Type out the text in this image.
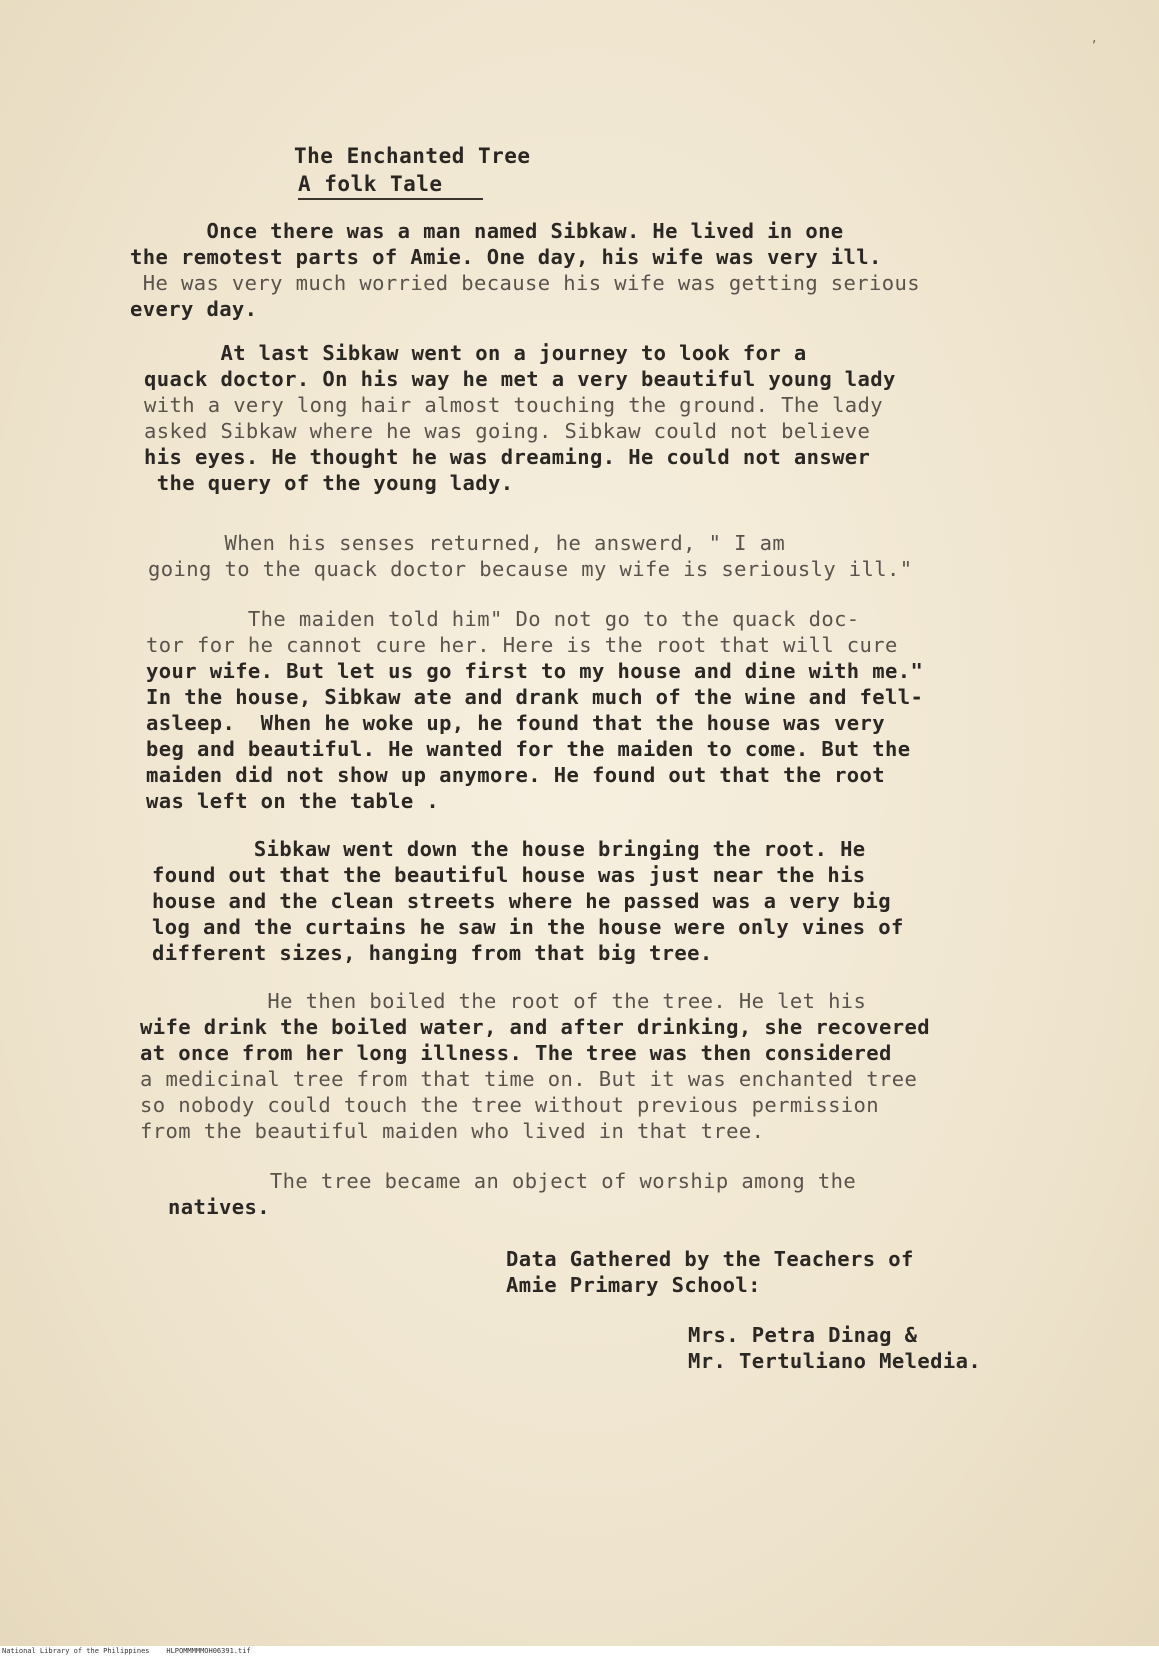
,
The Enchanted Tree
A folk Tale
Once there was a man named Sibkaw. He lived in one
the remotest parts of Amie. One day, his wife was very ill.
He was very much worried because his wife was getting serious
every day.
At last Sibkaw went on a journey to look for a
quack doctor. On his way he met a very beautiful young lady
with a very long hair almost touching the ground. The lady
asked Sibkaw where he was going. Sibkaw could not believe
his eyes. He thought he was dreaming. He could not answer
the query of the young lady.
When his senses returned, he answerd, " I am
going to the quack doctor because my wife is seriously ill."
The maiden told him" Do not go to the quack doc-
tor for he cannot cure her. Here is the root that will cure
your wife. But let us go first to my house and dine with me."
In the house, Sibkaw ate and drank much of the wine and fell-
asleep.  When he woke up, he found that the house was very
beg and beautiful. He wanted for the maiden to come. But the
maiden did not show up anymore. He found out that the root
was left on the table .
Sibkaw went down the house bringing the root. He
found out that the beautiful house was just near the his
house and the clean streets where he passed was a very big
log and the curtains he saw in the house were only vines of
different sizes, hanging from that big tree.
He then boiled the root of the tree. He let his
wife drink the boiled water, and after drinking, she recovered
at once from her long illness. The tree was then considered
a medicinal tree from that time on. But it was enchanted tree
so nobody could touch the tree without previous permission
from the beautiful maiden who lived in that tree.
The tree became an object of worship among the
natives.
Data Gathered by the Teachers of
Amie Primary School:
Mrs. Petra Dinag &
Mr. Tertuliano Meledia.
National Library of the Philippines    HLPOMMMMMOH06391.tif
